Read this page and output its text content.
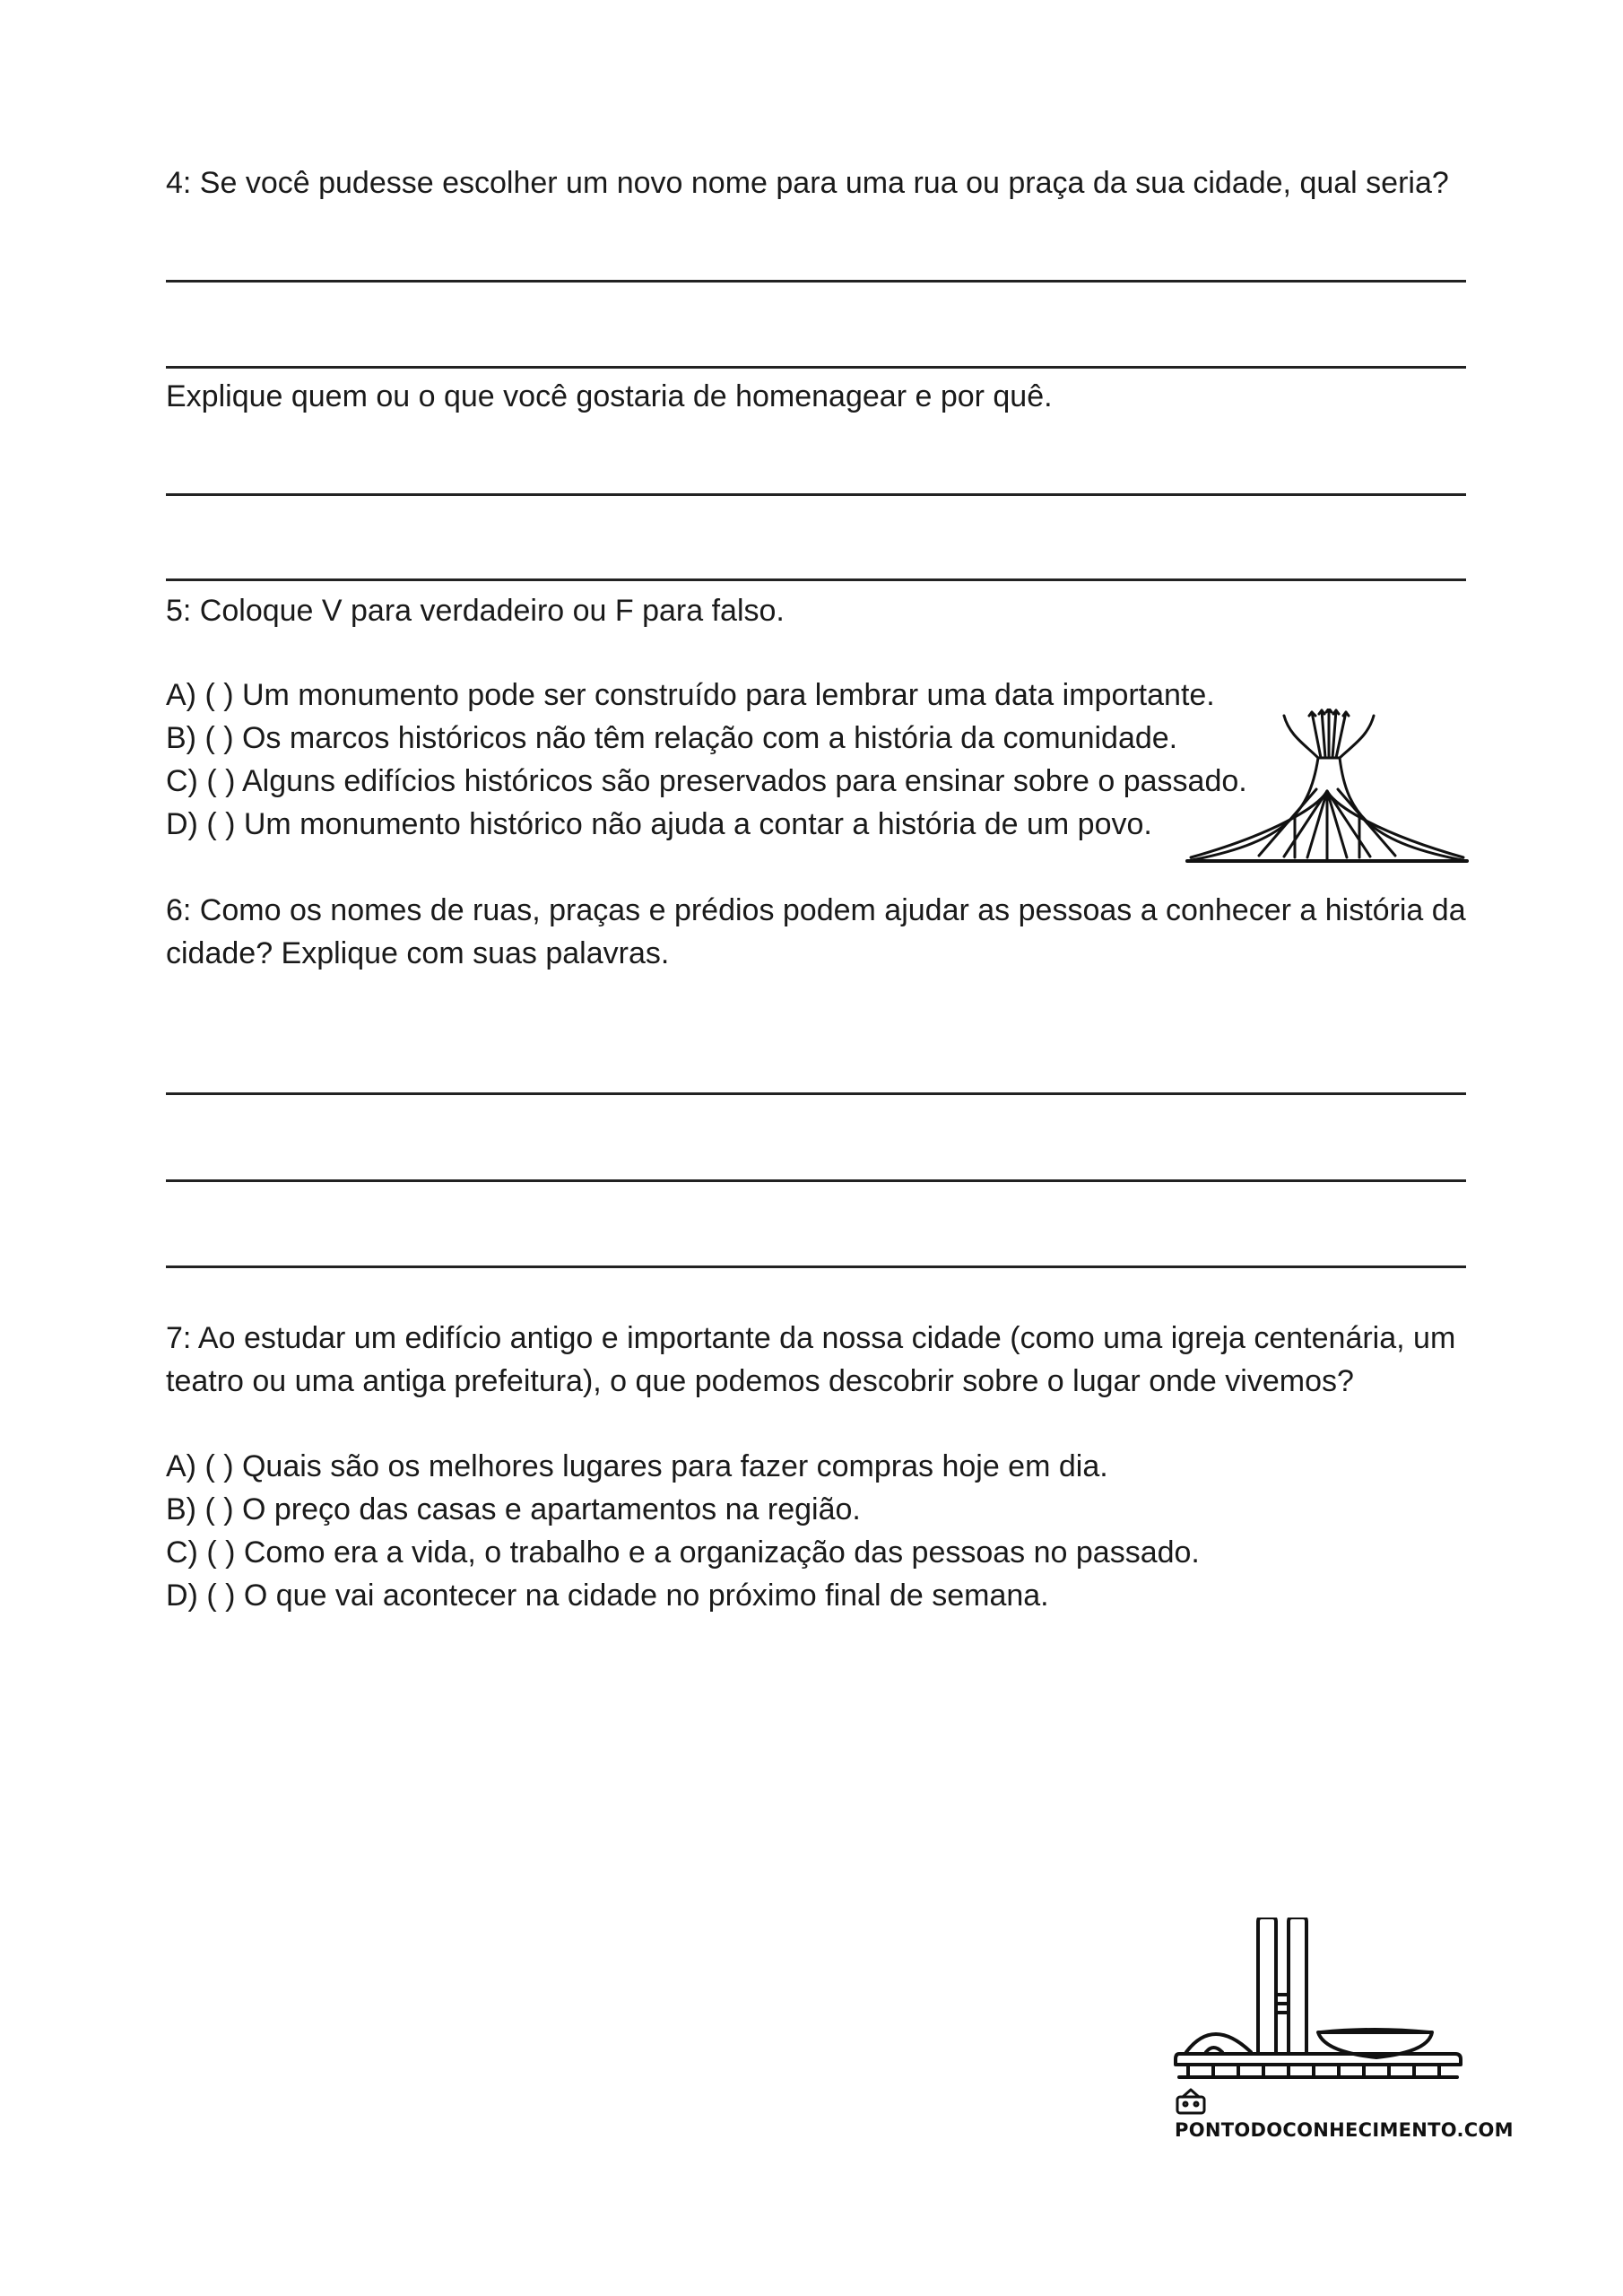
4: Se você pudesse escolher um novo nome para uma rua ou praça da sua cidade, qual seria?

Explique quem ou o que você gostaria de homenagear e por quê.

5: Coloque V para verdadeiro ou F para falso.

A) ( ) Um monumento pode ser construído para lembrar uma data importante.
B) ( ) Os marcos históricos não têm relação com a história da comunidade.
C) ( ) Alguns edifícios históricos são preservados para ensinar sobre o passado.
D) ( ) Um monumento histórico não ajuda a contar a história de um povo.

6: Como os nomes de ruas, praças e prédios podem ajudar as pessoas a conhecer a história da cidade? Explique com suas palavras.

7: Ao estudar um edifício antigo e importante da nossa cidade (como uma igreja centenária, um teatro ou uma antiga prefeitura), o que podemos descobrir sobre o lugar onde vivemos?

A) ( ) Quais são os melhores lugares para fazer compras hoje em dia.
B) ( ) O preço das casas e apartamentos na região.
C) ( ) Como era a vida, o trabalho e a organização das pessoas no passado.
D) ( ) O que vai acontecer na cidade no próximo final de semana.
PONTODOCONHECIMENTO.COM
